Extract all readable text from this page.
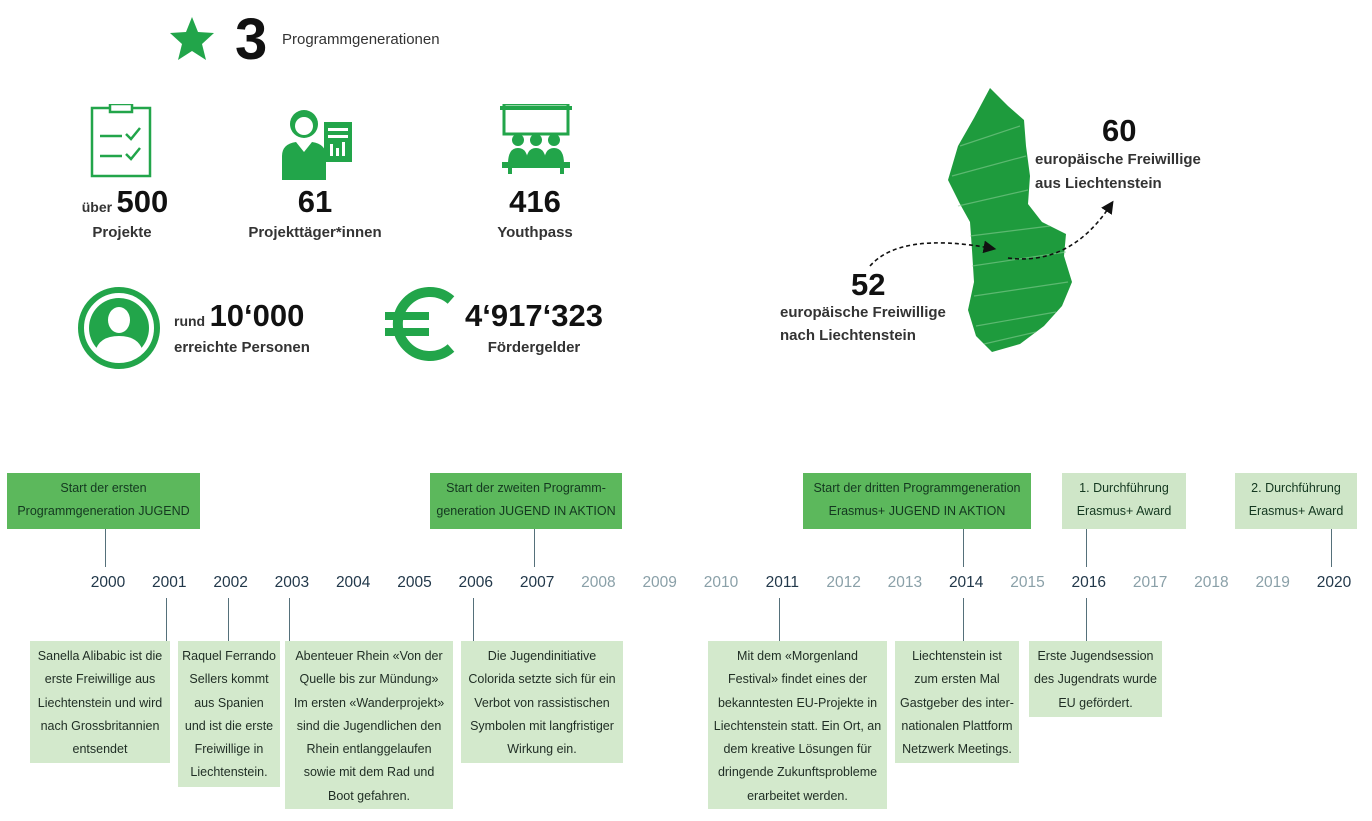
3 Programmgenerationen
über 500
Projekte
61
Projekttäger*innen
416
Youthpass
rund 10‘000
erreichte Personen
4‘917‘323
Fördergelder
60
europäische Freiwillige
aus Liechtenstein
52
europäische Freiwillige
nach Liechtenstein
2000	2001	2002	2003	2004	2005	2006	2007	2008	2009	2010	2011	2012	2013	2014	2015	2016	2017	2018	2019	2020
Start der ersten
Programmgeneration JUGEND
Start der zweiten Programm-
generation JUGEND IN AKTION
Start der dritten Programmgeneration
Erasmus+ JUGEND IN AKTION
1. Durchführung
Erasmus+ Award
2. Durchführung
Erasmus+ Award
Sanella Alibabic ist die
erste Freiwillige aus
Liechtenstein und wird
nach Grossbritannien
entsendet
Raquel Ferrando
Sellers kommt
aus Spanien
und ist die erste
Freiwillige in
Liechtenstein.
Abenteuer Rhein «Von der
Quelle bis zur Mündung»
Im ersten «Wanderprojekt»
sind die Jugendlichen den
Rhein entlanggelaufen
sowie mit dem Rad und
Boot gefahren.
Die Jugendinitiative
Colorida setzte sich für ein
Verbot von rassistischen
Symbolen mit langfristiger
Wirkung ein.
Mit dem «Morgenland
Festival» findet eines der
bekanntesten EU-Projekte in
Liechtenstein statt. Ein Ort, an
dem kreative Lösungen für
dringende Zukunftsprobleme
erarbeitet werden.
Liechtenstein ist
zum ersten Mal
Gastgeber des inter-
nationalen Plattform
Netzwerk Meetings.
Erste Jugendsession
des Jugendrats wurde
EU gefördert.
